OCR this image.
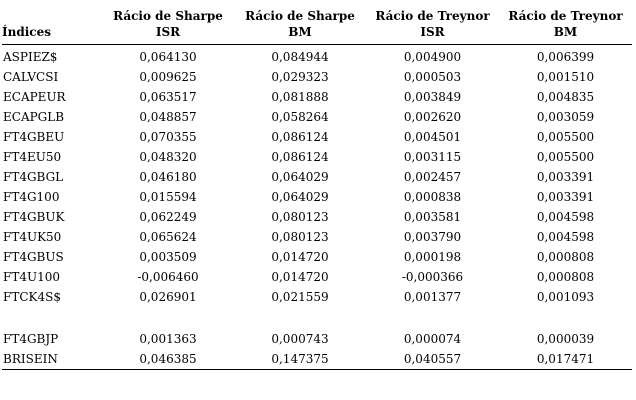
	Rácio de Sharpe	Rácio de Sharpe	Rácio de Treynor	Rácio de Treynor
Índices	ISR	BM	ISR	BM
ASPIEZ$	0,064130	0,084944	0,004900	0,006399
CALVCSI	0,009625	0,029323	0,000503	0,001510
ECAPEUR	0,063517	0,081888	0,003849	0,004835
ECAPGLB	0,048857	0,058264	0,002620	0,003059
FT4GBEU	0,070355	0,086124	0,004501	0,005500
FT4EU50	0,048320	0,086124	0,003115	0,005500
FT4GBGL	0,046180	0,064029	0,002457	0,003391
FT4G100	0,015594	0,064029	0,000838	0,003391
FT4GBUK	0,062249	0,080123	0,003581	0,004598
FT4UK50	0,065624	0,080123	0,003790	0,004598
FT4GBUS	0,003509	0,014720	0,000198	0,000808
FT4U100	-0,006460	0,014720	-0,000366	0,000808
FTCK4S$	0,026901	0,021559	0,001377	0,001093

FT4GBJP	0,001363	0,000743	0,000074	0,000039
BRISEIN	0,046385	0,147375	0,040557	0,017471
